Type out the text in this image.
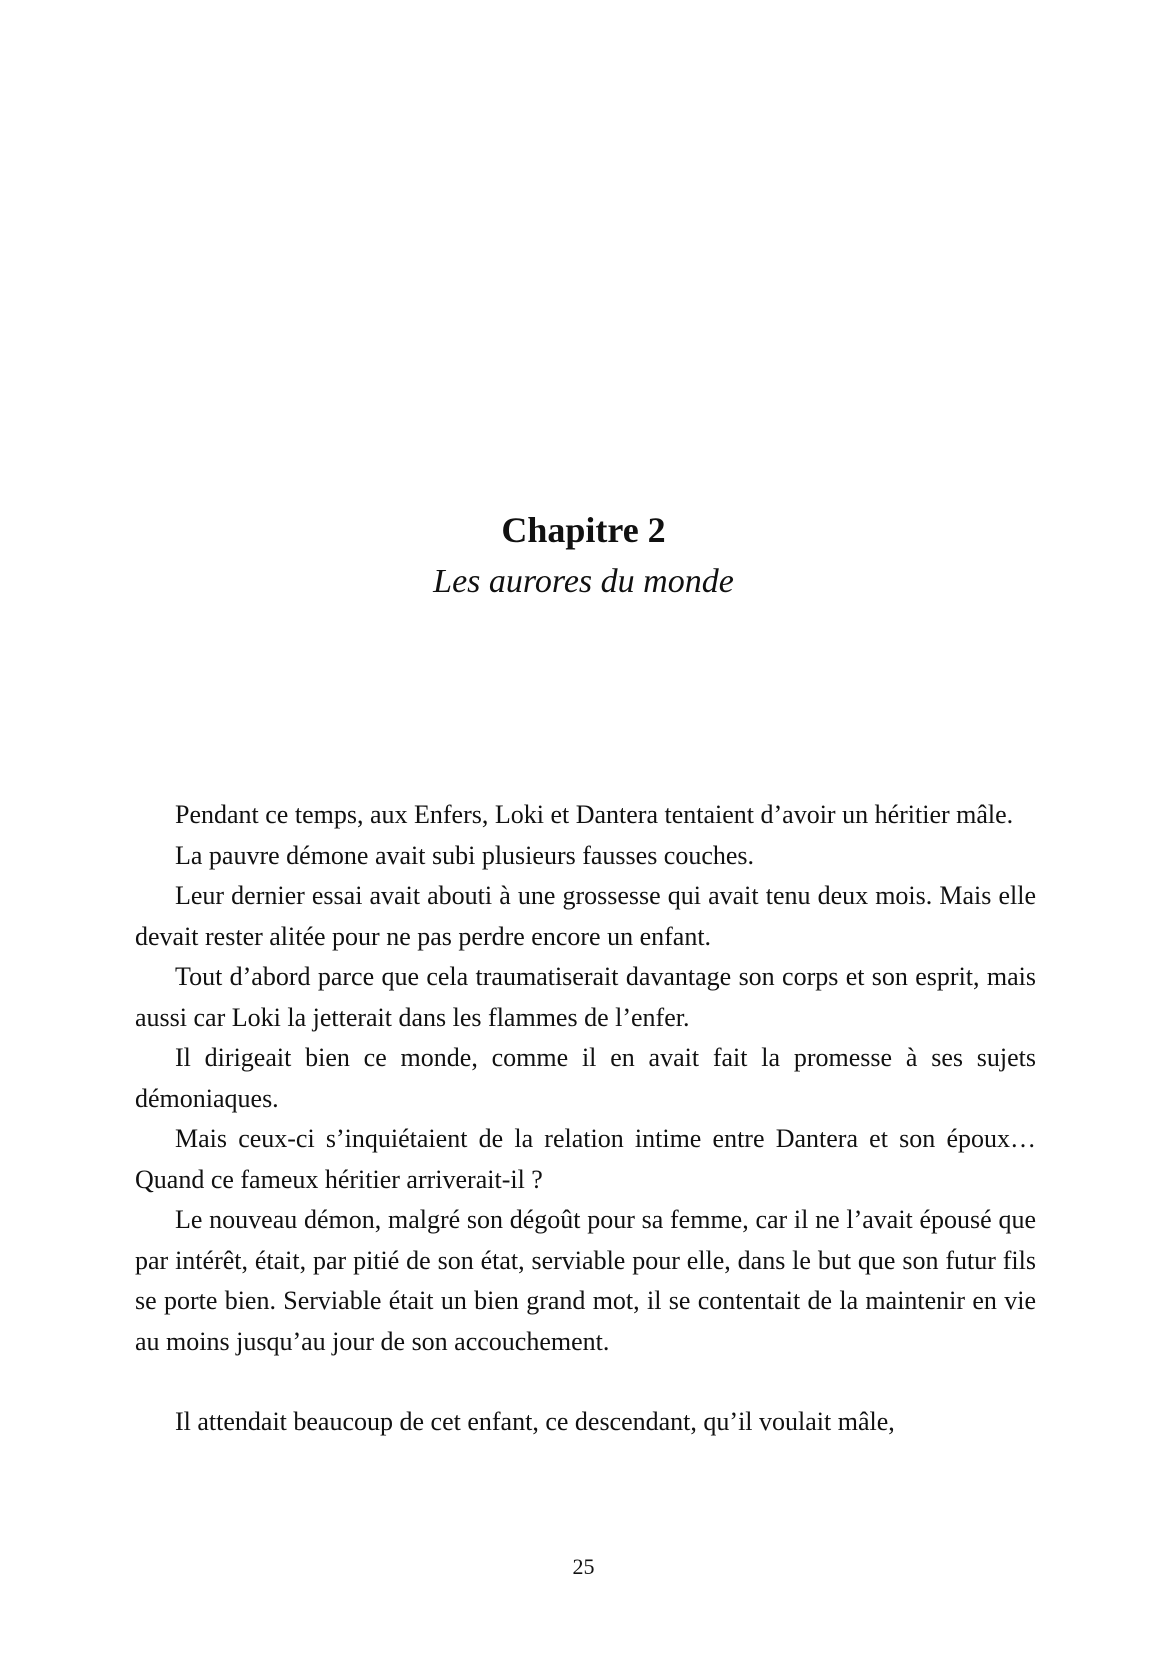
Chapitre 2

Les aurores du monde

Pendant ce temps, aux Enfers, Loki et Dantera tentaient d’avoir un héritier mâle.

La pauvre démone avait subi plusieurs fausses couches.

Leur dernier essai avait abouti à une grossesse qui avait tenu deux mois. Mais elle devait rester alitée pour ne pas perdre encore un enfant.

Tout d’abord parce que cela traumatiserait davantage son corps et son esprit, mais aussi car Loki la jetterait dans les flammes de l’enfer.

Il dirigeait bien ce monde, comme il en avait fait la promesse à ses sujets démoniaques.

Mais ceux-ci s’inquiétaient de la relation intime entre Dantera et son époux… Quand ce fameux héritier arriverait-il ?

Le nouveau démon, malgré son dégoût pour sa femme, car il ne l’avait épousé que par intérêt, était, par pitié de son état, serviable pour elle, dans le but que son futur fils se porte bien. Serviable était un bien grand mot, il se contentait de la maintenir en vie au moins jusqu’au jour de son accouchement.

Il attendait beaucoup de cet enfant, ce descendant, qu’il voulait mâle,

25
